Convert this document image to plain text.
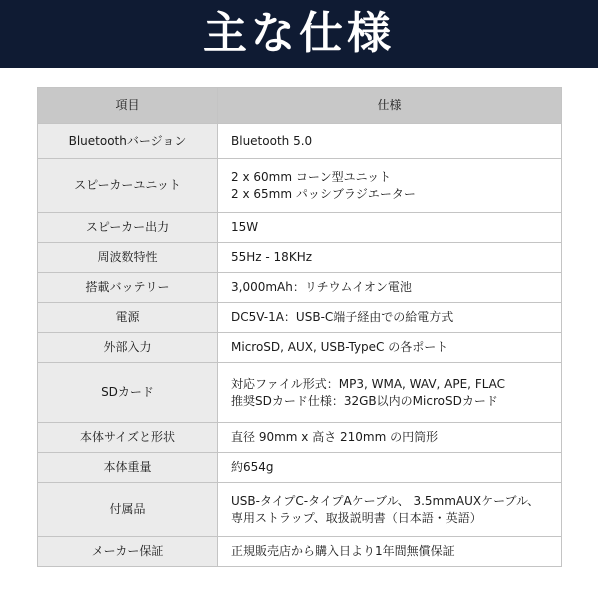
主な仕様
項目	仕様
Bluetoothバージョン	Bluetooth 5.0

スピーカーユニット	2 x 60mm コーン型ユニット
2 x 65mm パッシブラジエーター

スピーカー出力	15W

周波数特性	55Hz - 18KHz

搭載バッテリー	3,000mAh：リチウムイオン電池

電源	DC5V-1A：USB-C端子経由での給電方式

外部入力	MicroSD, AUX, USB-TypeC の各ポート

SDカード	対応ファイル形式：MP3, WMA, WAV, APE, FLAC
推奨SDカード仕様：32GB以内のMicroSDカード

本体サイズと形状	直径 90mm x 高さ 210mm の円筒形

本体重量	約654g

付属品	USB-タイプC-タイプAケーブル、 3.5mmAUXケーブル、
専用ストラップ、取扱説明書（日本語・英語）

メーカー保証	正規販売店から購入日より1年間無償保証
